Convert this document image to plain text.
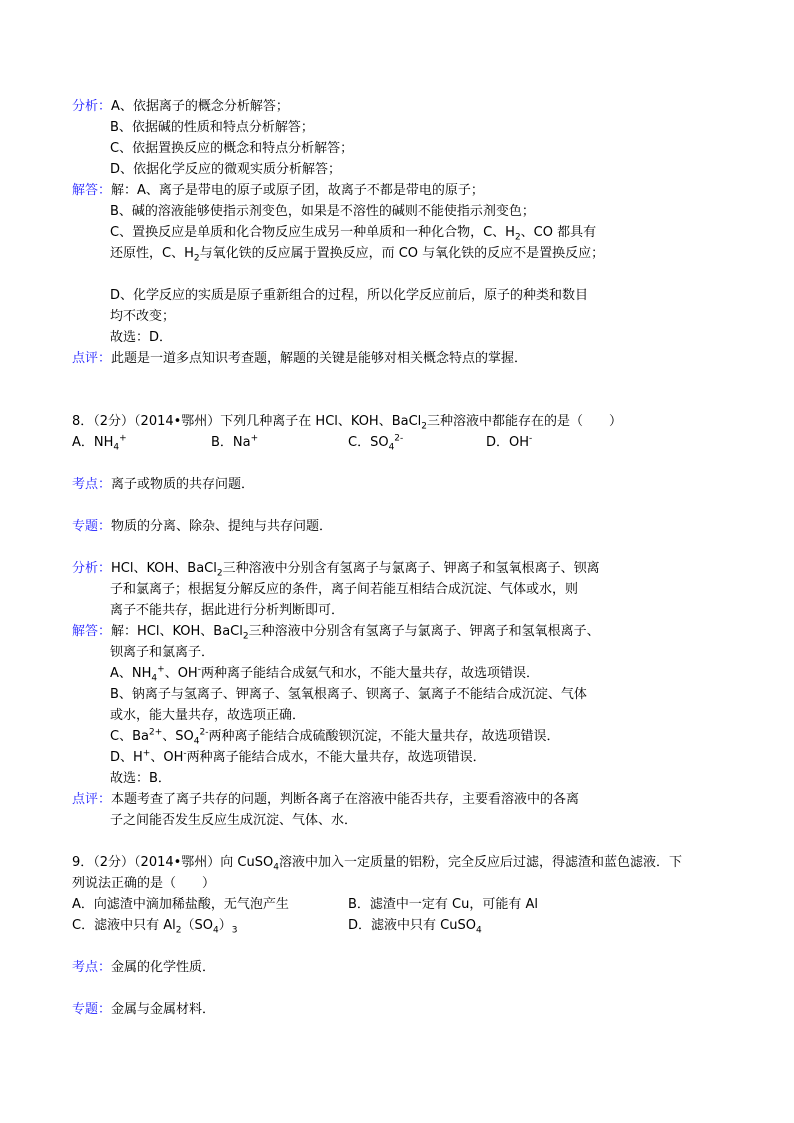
分析：A、依据离子的概念分析解答；
B、依据碱的性质和特点分析解答；
C、依据置换反应的概念和特点分析解答；
D、依据化学反应的微观实质分析解答；
解答：解：A、离子是带电的原子或原子团，故离子不都是带电的原子；
B、碱的溶液能够使指示剂变色，如果是不溶性的碱则不能使指示剂变色；
C、置换反应是单质和化合物反应生成另一种单质和一种化合物，C、$H_2$、CO 都具有
还原性，C、$H_2$与氧化铁的反应属于置换反应，而 CO 与氧化铁的反应不是置换反应；
D、化学反应的实质是原子重新组合的过程，所以化学反应前后，原子的种类和数目
均不改变；
故选：D．
点评：此题是一道多点知识考查题，解题的关键是能够对相关概念特点的掌握．
8．（2分）（2014•鄂州）下列几种离子在 HCl、KOH、BaCl$_2$三种溶液中都能存在的是（　　）
A．$NH_4^+$	B．Na+	C．$SO_4^{2-}$	D．OH-
考点：离子或物质的共存问题．
专题：物质的分离、除杂、提纯与共存问题．
分析：HCl、KOH、BaCl$_2$三种溶液中分别含有氢离子与氯离子、钾离子和氢氧根离子、钡离
子和氯离子；根据复分解反应的条件，离子间若能互相结合成沉淀、气体或水，则
离子不能共存，据此进行分析判断即可．
解答：解：HCl、KOH、BaCl$_2$三种溶液中分别含有氢离子与氯离子、钾离子和氢氧根离子、
钡离子和氯离子．
A、$NH_4^+$、OH-两种离子能结合成氨气和水，不能大量共存，故选项错误．
B、钠离子与氢离子、钾离子、氢氧根离子、钡离子、氯离子不能结合成沉淀、气体
或水，能大量共存，故选项正确．
C、$Ba^{2+}$、$SO_4^{2-}$两种离子能结合成硫酸钡沉淀，不能大量共存，故选项错误．
D、H+、OH-两种离子能结合成水，不能大量共存，故选项错误．
故选：B．
点评：本题考查了离子共存的问题，判断各离子在溶液中能否共存，主要看溶液中的各离
子之间能否发生反应生成沉淀、气体、水．
9．（2分）（2014•鄂州）向 CuSO$_4$溶液中加入一定质量的铝粉，完全反应后过滤，得滤渣和蓝色滤液．下
列说法正确的是（　　）
A．向滤渣中滴加稀盐酸，无气泡产生	B．滤渣中一定有 Cu，可能有 Al
C．滤液中只有 $Al_2(SO_4)_3$	D．滤液中只有 CuSO$_4$
考点：金属的化学性质．
专题：金属与金属材料．
